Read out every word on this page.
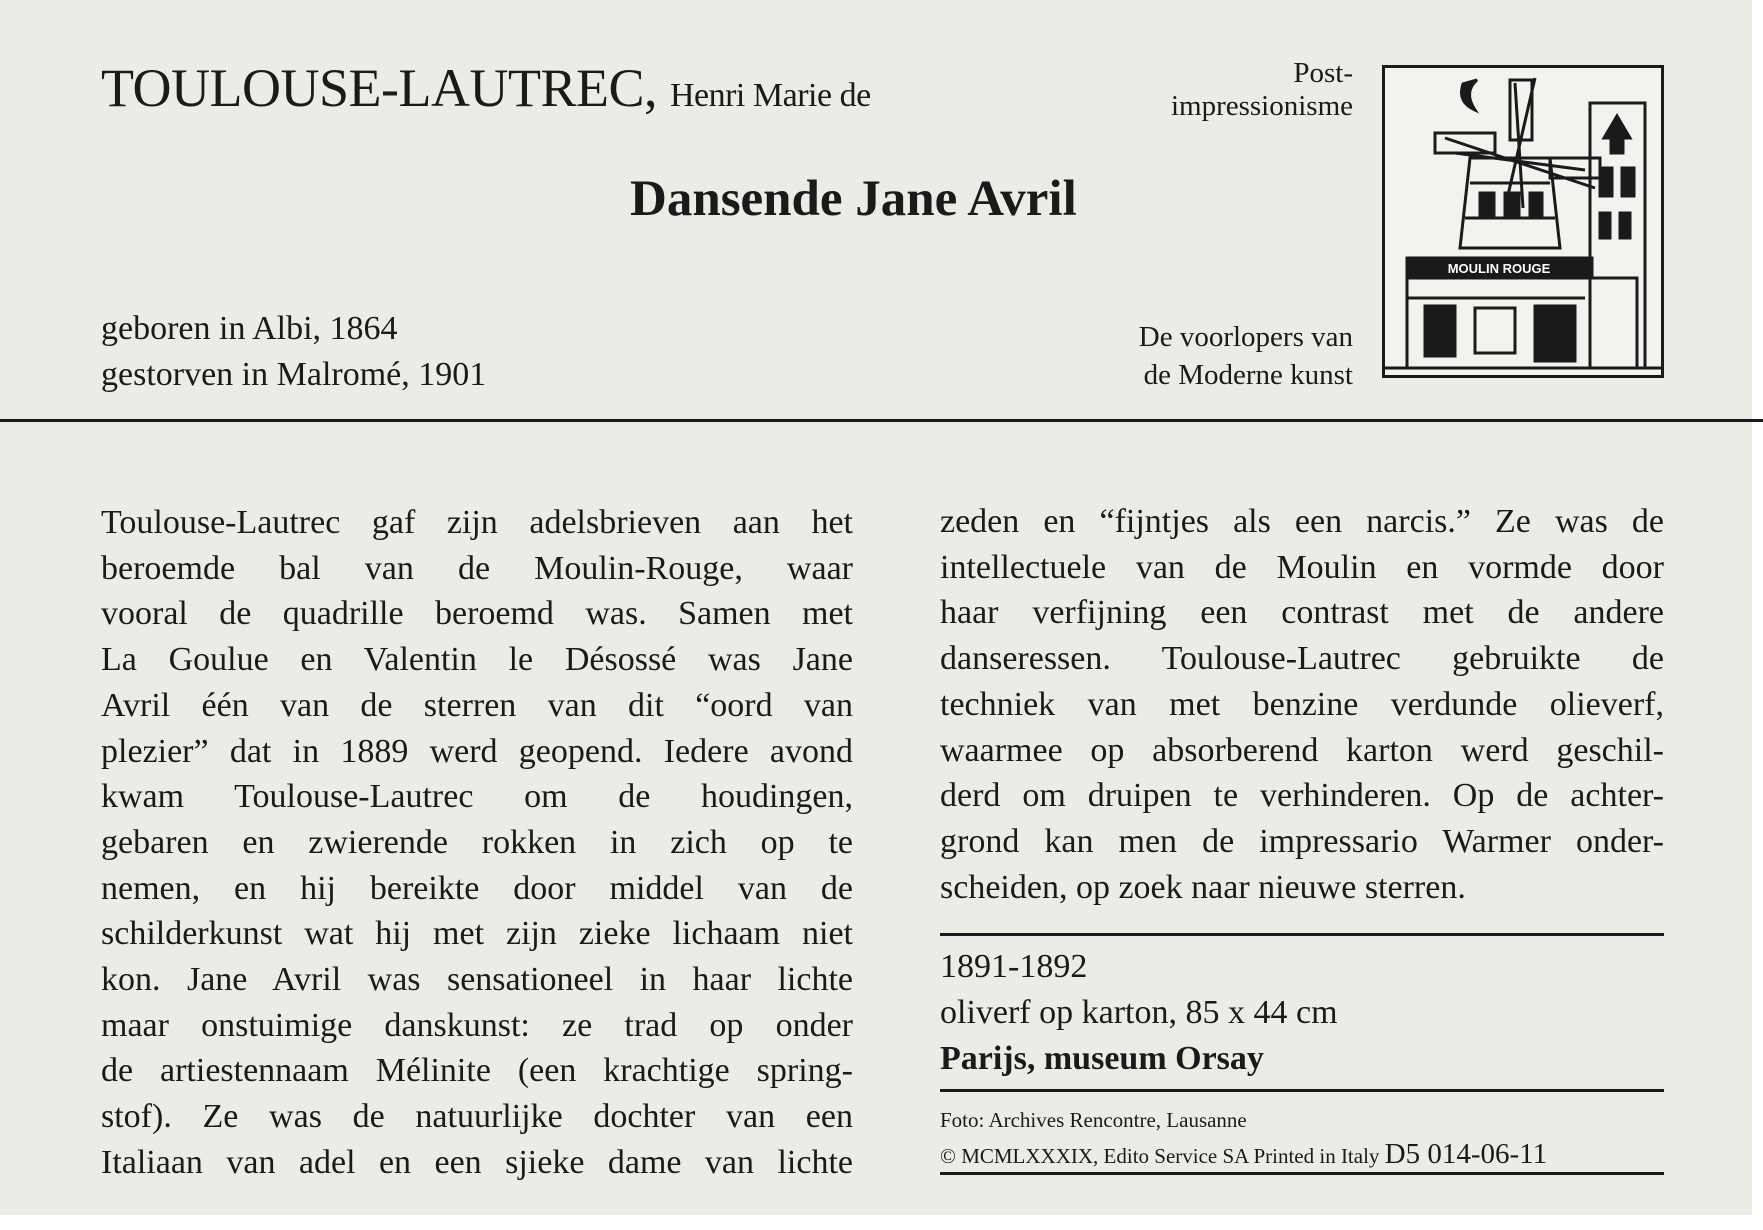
TOULOUSE-LAUTREC, Henri Marie de
Post-
impressionisme
Dansende Jane Avril
geboren in Albi, 1864
gestorven in Malromé, 1901
De voorlopers van
de Moderne kunst
MOULIN ROUGE
Toulouse-Lautrec gaf zijn adelsbrieven aan het
beroemde bal van de Moulin-Rouge, waar
vooral de quadrille beroemd was. Samen met
La Goulue en Valentin le Désossé was Jane
Avril één van de sterren van dit “oord van
plezier” dat in 1889 werd geopend. Iedere avond
kwam Toulouse-Lautrec om de houdingen,
gebaren en zwierende rokken in zich op te
nemen, en hij bereikte door middel van de
schilderkunst wat hij met zijn zieke lichaam niet
kon. Jane Avril was sensationeel in haar lichte
maar onstuimige danskunst: ze trad op onder
de artiestennaam Mélinite (een krachtige spring-
stof). Ze was de natuurlijke dochter van een
Italiaan van adel en een sjieke dame van lichte
zeden en “fijntjes als een narcis.” Ze was de
intellectuele van de Moulin en vormde door
haar verfijning een contrast met de andere
danseressen. Toulouse-Lautrec gebruikte de
techniek van met benzine verdunde olieverf,
waarmee op absorberend karton werd geschil-
derd om druipen te verhinderen. Op de achter-
grond kan men de impressario Warmer onder-
scheiden, op zoek naar nieuwe sterren.
1891-1892
oliverf op karton, 85 x 44 cm
Parijs, museum Orsay
Foto: Archives Rencontre, Lausanne
© MCMLXXXIX, Edito Service SA Printed in Italy D5 014-06-11
